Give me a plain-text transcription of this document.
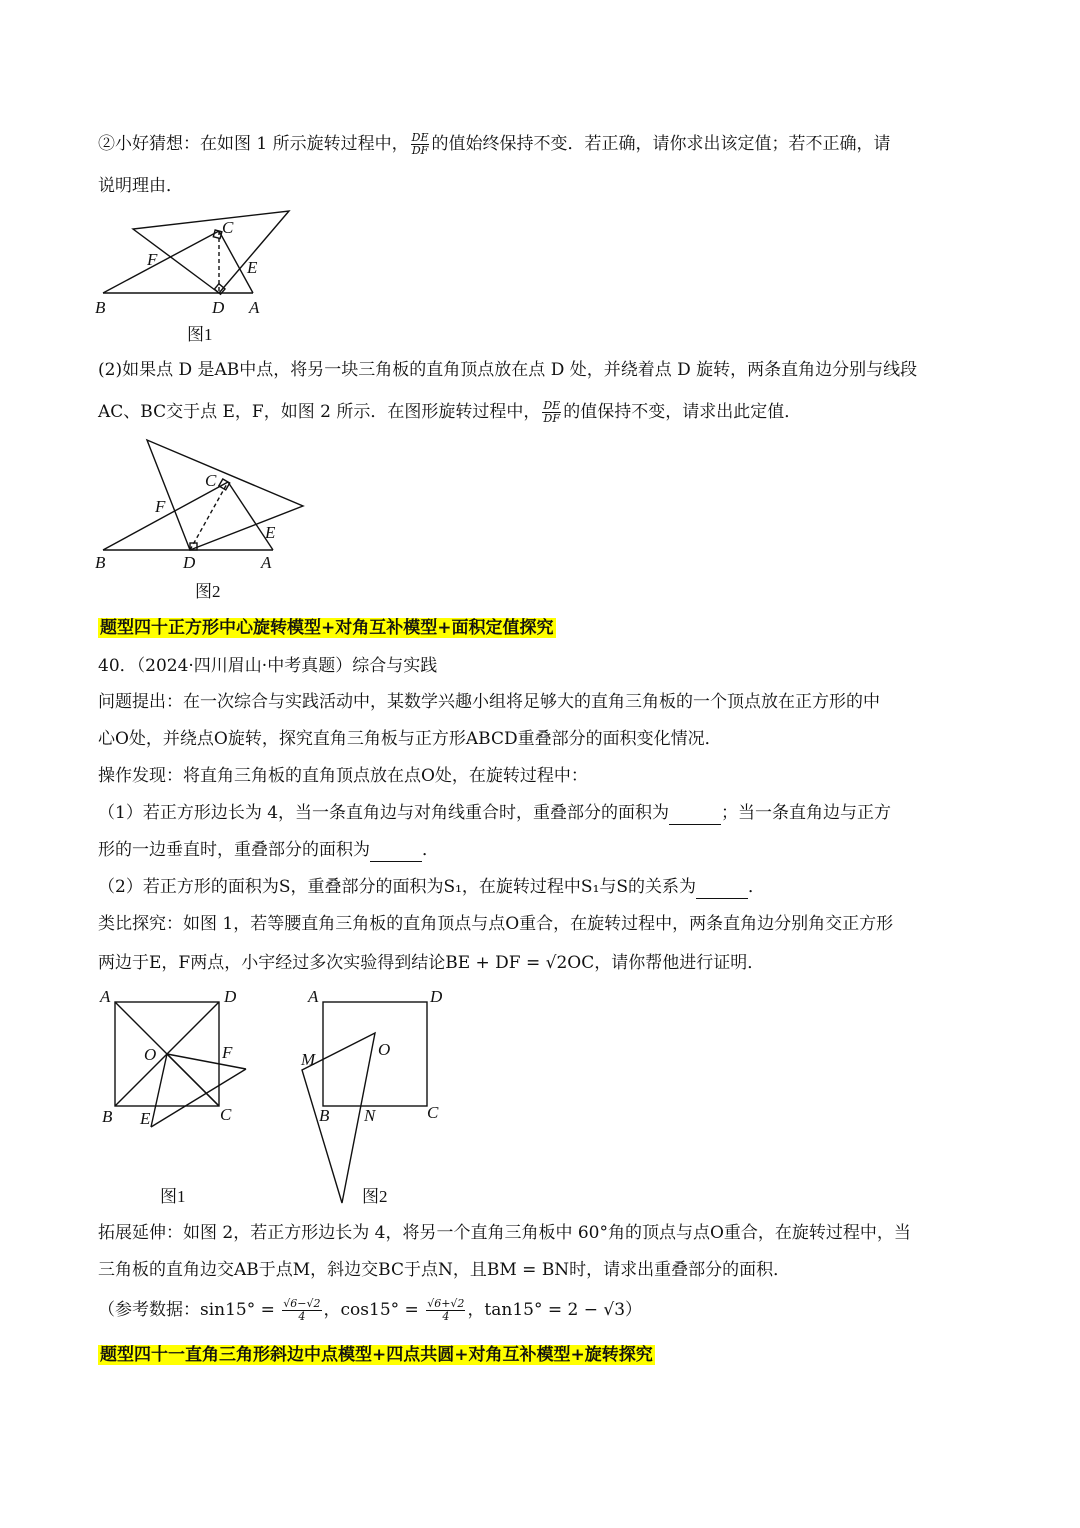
②小好猜想：在如图 1 所示旋转过程中， $\frac{DE}{DF}$ 的值始终保持不变．若正确，请你求出该定值；若不正确，请
说明理由．
B	D A
C
F	E
图1
(2)如果点 D 是AB中点，将另一块三角板的直角顶点放在点 D 处，并绕着点 D 旋转，两条直角边分别与线段
AC、BC交于点 E，F，如图 2 所示．在图形旋转过程中， $\frac{DE}{DF}$ 的值保持不变，请求出此定值．
B	D	A
C
F
E
图2
题型四十正方形中心旋转模型+对角互补模型+面积定值探究
40．（2024·四川眉山·中考真题）综合与实践
问题提出：在一次综合与实践活动中，某数学兴趣小组将足够大的直角三角板的一个顶点放在正方形的中
心O处，并绕点O旋转，探究直角三角板与正方形ABCD重叠部分的面积变化情况．
操作发现：将直角三角板的直角顶点放在点O处，在旋转过程中：
（1）若正方形边长为 4，当一条直角边与对角线重合时，重叠部分的面积为	；当一条直角边与正方
形的一边垂直时，重叠部分的面积为	．
（2）若正方形的面积为S，重叠部分的面积为S₁，在旋转过程中S₁与S的关系为	．
类比探究：如图 1，若等腰直角三角板的直角顶点与点O重合，在旋转过程中，两条直角边分别角交正方形
两边于E，F两点，小宇经过多次实验得到结论BE + DF = √2OC，请你帮他进行证明．
A	D
B	C
O	F
E
图1
A	D
B	C
O
M
N
图2
拓展延伸：如图 2，若正方形边长为 4，将另一个直角三角板中 60°角的顶点与点O重合，在旋转过程中，当
三角板的直角边交AB于点M，斜边交BC于点N，且BM = BN时，请求出重叠部分的面积．
（参考数据：$\sin 15^\circ = \frac{√6-√2}{4}$ ，$\cos 15^\circ = \frac{√6+√2}{4}$ ，tan15° = 2 − √3）
题型四十一直角三角形斜边中点模型+四点共圆+对角互补模型+旋转探究
